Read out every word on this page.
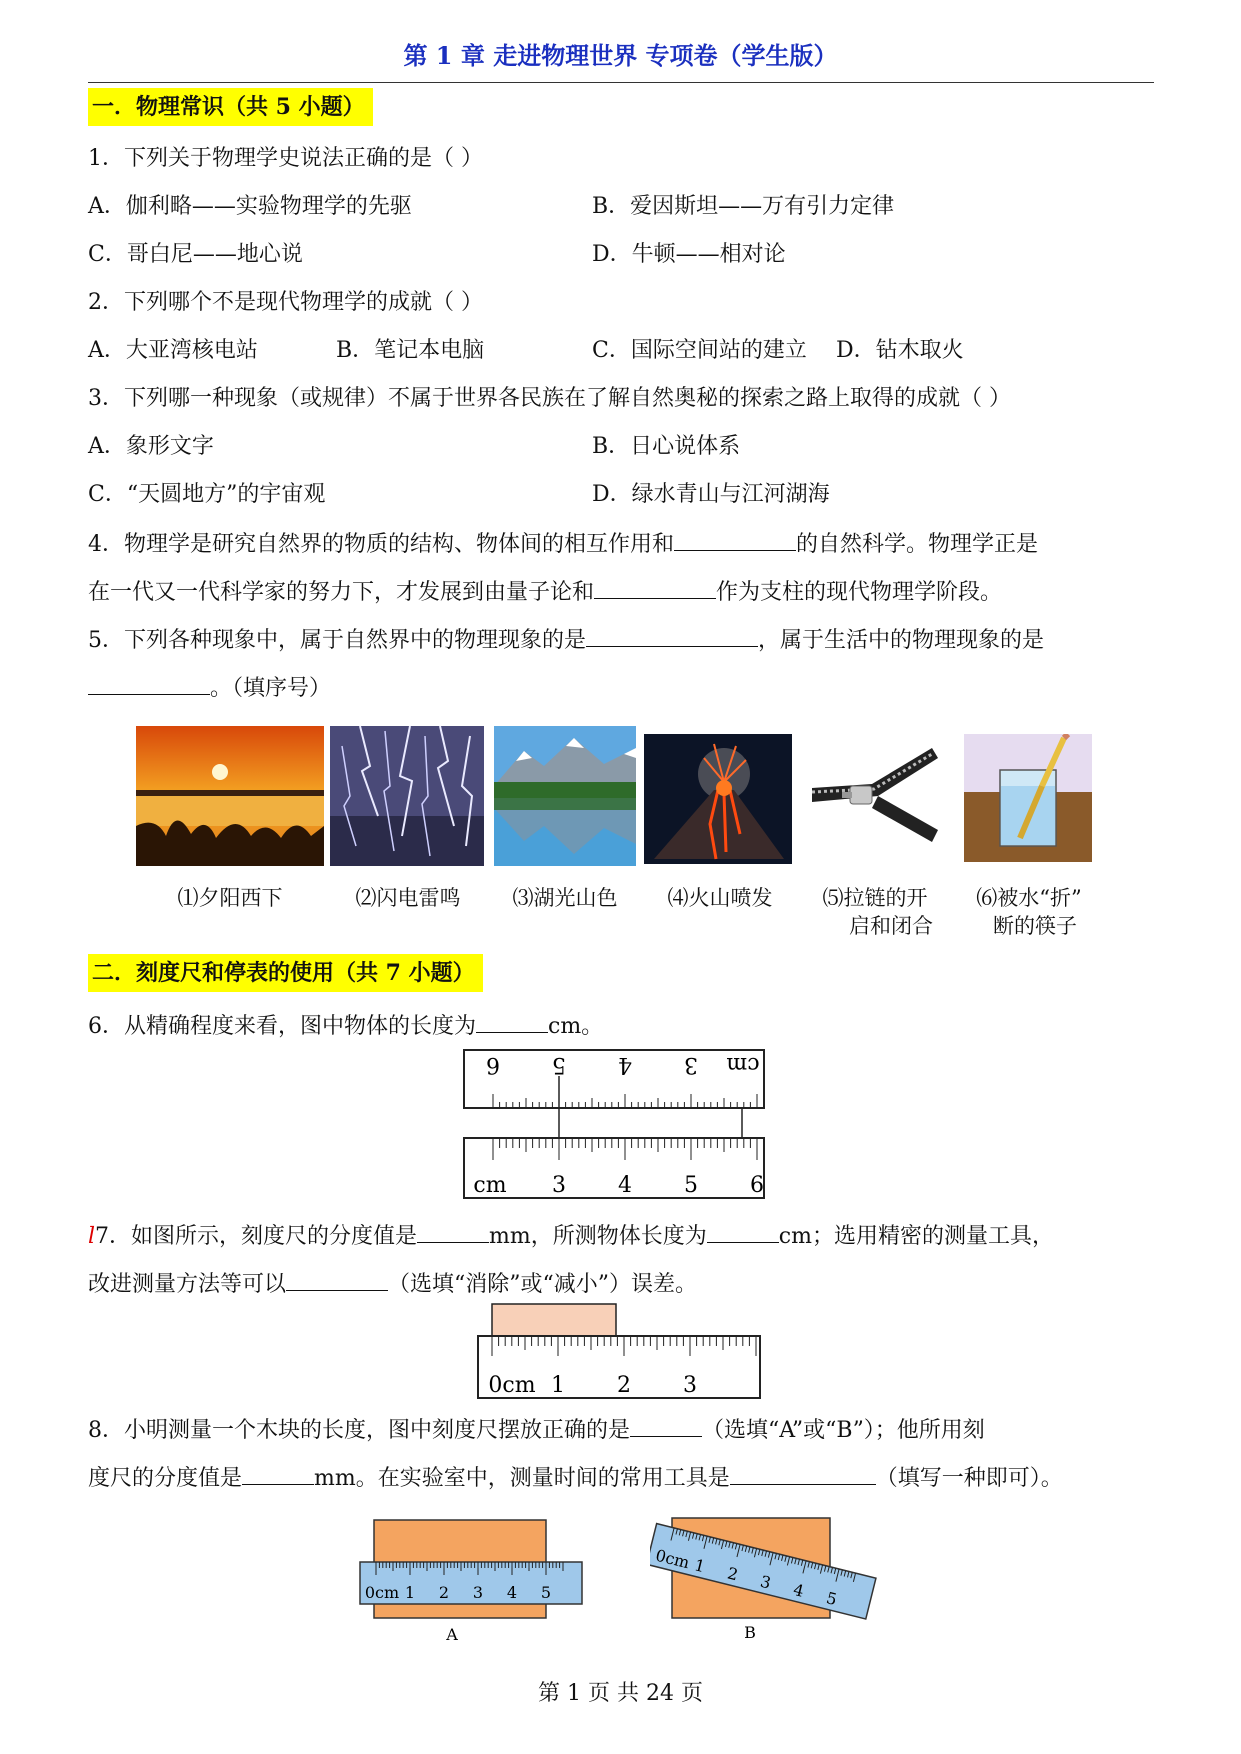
第 1 章 走进物理世界 专项卷（学生版）
一．物理常识（共 5 小题）
1．下列关于物理学史说法正确的是（ ）
A．伽利略——实验物理学的先驱	B．爱因斯坦——万有引力定律
C．哥白尼——地心说	D．牛顿——相对论
2．下列哪个不是现代物理学的成就（ ）
A．大亚湾核电站	B．笔记本电脑	C．国际空间站的建立 D．钻木取火
3．下列哪一种现象（或规律）不属于世界各民族在了解自然奥秘的探索之路上取得的成就（ ）
A．象形文字	B．日心说体系
C．“天圆地方”的宇宙观	D．绿水青山与江河湖海
4．物理学是研究自然界的物质的结构、物体间的相互作用和	的自然科学。物理学正是
在一代又一代科学家的努力下，才发展到由量子论和	作为支柱的现代物理学阶段。
5．下列各种现象中，属于自然界中的物理现象的是	，属于生活中的物理现象的是
。（填序号）
⑴夕阳西下	⑵闪电雷鸣	⑶湖光山色	⑷火山喷发	⑸拉链的开
启和闭合
⑹被水“折”
断的筷子
二．刻度尺和停表的使用（共 7 小题）
6．从精确程度来看，图中物体的长度为	cm。
6 5 4 3 cm
cm 3 4 5 6
l7．如图所示，刻度尺的分度值是	mm，所测物体长度为	cm；选用精密的测量工具，
改进测量方法等可以	（选填“消除”或“减小”）误差。
0cm 1 2 3
8．小明测量一个木块的长度，图中刻度尺摆放正确的是	（选填“A”或“B”）；他所用刻
度尺的分度值是	mm。在实验室中，测量时间的常用工具是	（填写一种即可）。
0cm 1 2 3 4 5
A
0cm 1 2 3 4 5
B
第 1 页 共 24 页
